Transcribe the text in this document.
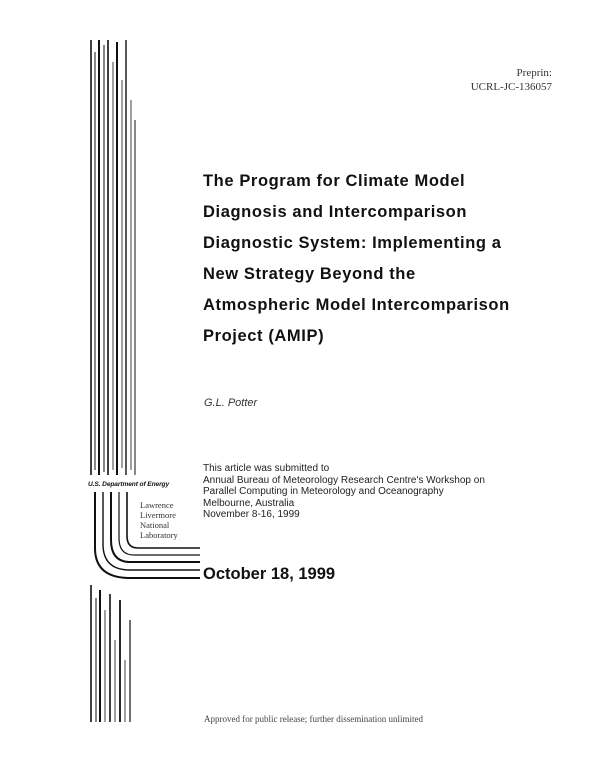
Preprin:
UCRL-JC-136057
The Program for Climate Model
Diagnosis and Intercomparison
Diagnostic System: Implementing a
New Strategy Beyond the
Atmospheric Model Intercomparison
Project (AMIP)
G.L. Potter
This article was submitted to
Annual Bureau of Meteorology Research Centre's Workshop on
Parallel Computing in Meteorology and Oceanography
Melbourne, Australia
November 8-16, 1999
U.S. Department of Energy
Lawrence
Livermore
National
Laboratory
October 18, 1999
Approved for public release; further dissemination unlimited
